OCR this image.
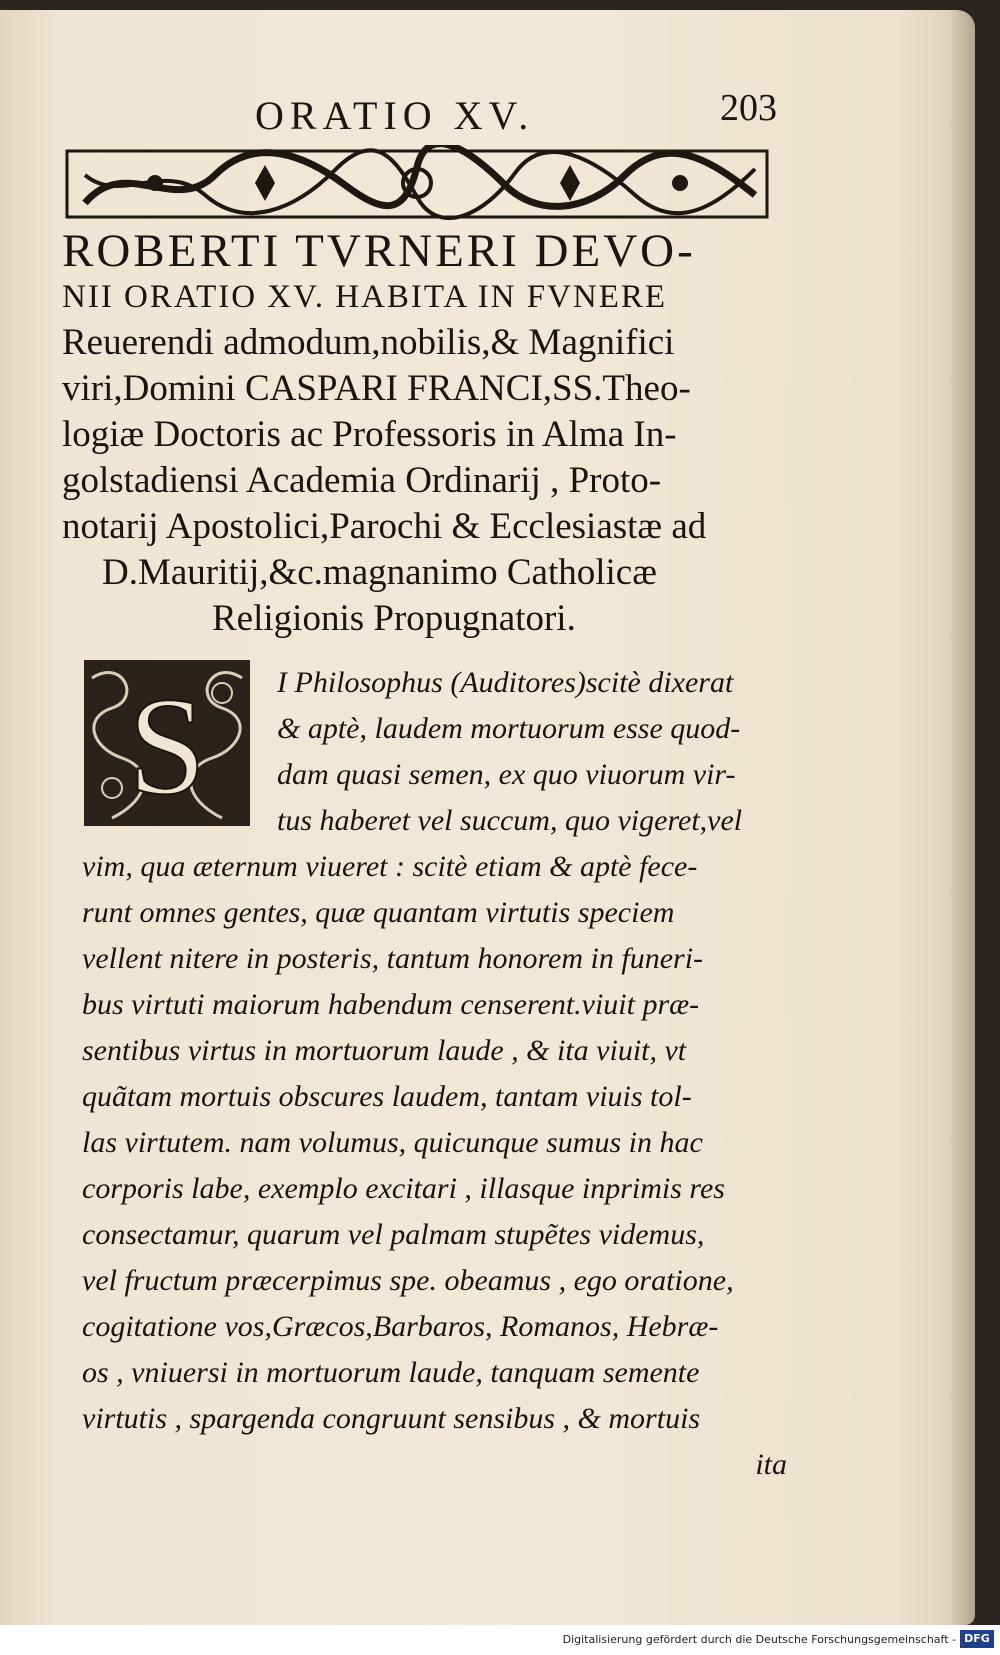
ORATIO XV.	203
ROBERTI TVRNERI DEVO-
NII ORATIO XV. HABITA IN FVNERE
Reuerendi admodum,nobilis,& Magnifici
viri,Domini CASPARI FRANCI,SS.Theo-
logiæ Doctoris ac Professoris in Alma In-
golstadiensi Academia Ordinarij , Proto-
notarij Apostolici,Parochi & Ecclesiastæ ad
D.Mauritij,&c.magnanimo Catholicæ
Religionis Propugnatori.
S	I Philosophus (Auditores)scitè dixerat
& aptè, laudem mortuorum esse quod-
dam quasi semen, ex quo viuorum vir-
tus haberet vel succum, quo vigeret,vel
vim, qua æternum viueret : scitè etiam & aptè fece-
runt omnes gentes, quæ quantam virtutis speciem
vellent nitere in posteris, tantum honorem in funeri-
bus virtuti maiorum habendum censerent.viuit præ-
sentibus virtus in mortuorum laude , & ita viuit, vt
quãtam mortuis obscures laudem, tantam viuis tol-
las virtutem. nam volumus, quicunque sumus in hac
corporis labe, exemplo excitari , illasque inprimis res
consectamur, quarum vel palmam stupẽtes videmus,
vel fructum præcerpimus spe. obeamus , ego oratione,
cogitatione vos,Græcos,Barbaros, Romanos, Hebræ-
os , vniuersi in mortuorum laude, tanquam semente
virtutis , spargenda congruunt sensibus , & mortuis
ita
Digitalisierung gefördert durch die Deutsche Forschungsgemeinschaft - DFG
